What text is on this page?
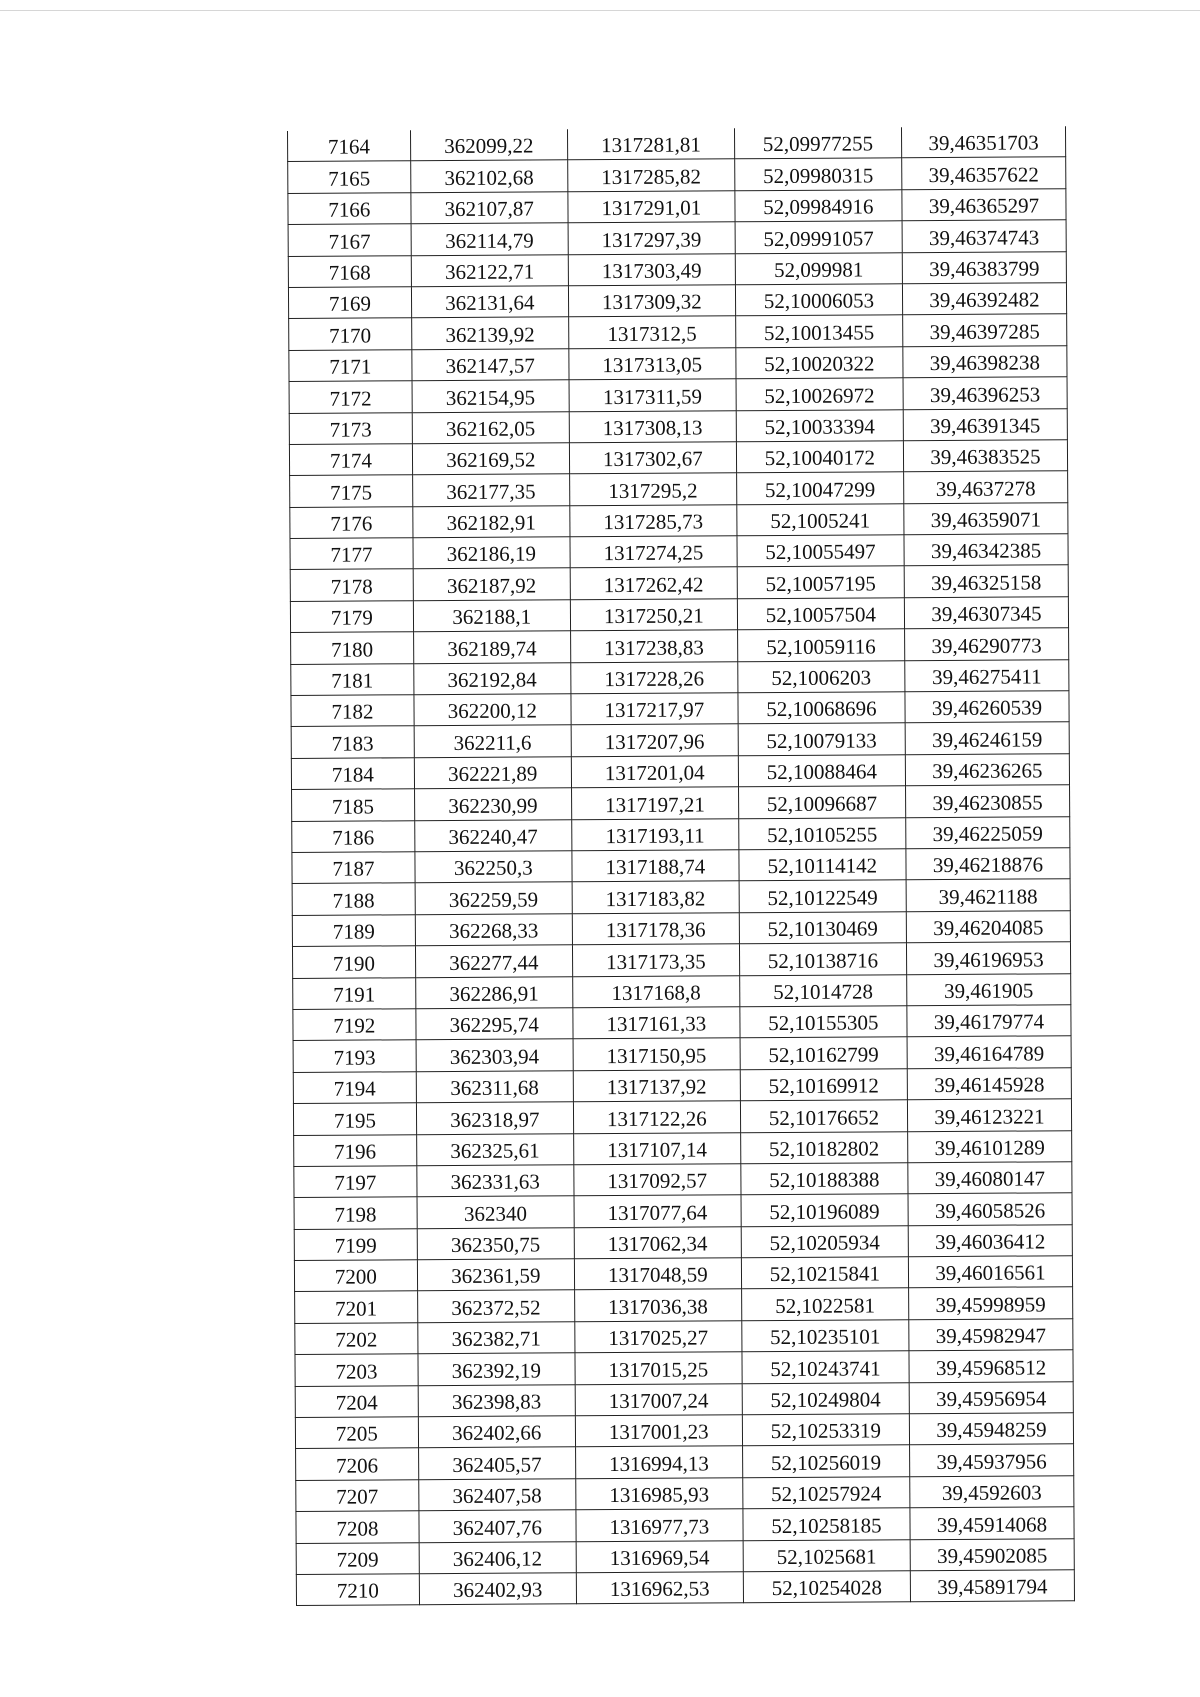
7164	362099,22	1317281,81	52,09977255	39,46351703
7165	362102,68	1317285,82	52,09980315	39,46357622
7166	362107,87	1317291,01	52,09984916	39,46365297
7167	362114,79	1317297,39	52,09991057	39,46374743
7168	362122,71	1317303,49	52,099981	39,46383799
7169	362131,64	1317309,32	52,10006053	39,46392482
7170	362139,92	1317312,5	52,10013455	39,46397285
7171	362147,57	1317313,05	52,10020322	39,46398238
7172	362154,95	1317311,59	52,10026972	39,46396253
7173	362162,05	1317308,13	52,10033394	39,46391345
7174	362169,52	1317302,67	52,10040172	39,46383525
7175	362177,35	1317295,2	52,10047299	39,4637278
7176	362182,91	1317285,73	52,1005241	39,46359071
7177	362186,19	1317274,25	52,10055497	39,46342385
7178	362187,92	1317262,42	52,10057195	39,46325158
7179	362188,1	1317250,21	52,10057504	39,46307345
7180	362189,74	1317238,83	52,10059116	39,46290773
7181	362192,84	1317228,26	52,1006203	39,46275411
7182	362200,12	1317217,97	52,10068696	39,46260539
7183	362211,6	1317207,96	52,10079133	39,46246159
7184	362221,89	1317201,04	52,10088464	39,46236265
7185	362230,99	1317197,21	52,10096687	39,46230855
7186	362240,47	1317193,11	52,10105255	39,46225059
7187	362250,3	1317188,74	52,10114142	39,46218876
7188	362259,59	1317183,82	52,10122549	39,4621188
7189	362268,33	1317178,36	52,10130469	39,46204085
7190	362277,44	1317173,35	52,10138716	39,46196953
7191	362286,91	1317168,8	52,1014728	39,461905
7192	362295,74	1317161,33	52,10155305	39,46179774
7193	362303,94	1317150,95	52,10162799	39,46164789
7194	362311,68	1317137,92	52,10169912	39,46145928
7195	362318,97	1317122,26	52,10176652	39,46123221
7196	362325,61	1317107,14	52,10182802	39,46101289
7197	362331,63	1317092,57	52,10188388	39,46080147
7198	362340	1317077,64	52,10196089	39,46058526
7199	362350,75	1317062,34	52,10205934	39,46036412
7200	362361,59	1317048,59	52,10215841	39,46016561
7201	362372,52	1317036,38	52,1022581	39,45998959
7202	362382,71	1317025,27	52,10235101	39,45982947
7203	362392,19	1317015,25	52,10243741	39,45968512
7204	362398,83	1317007,24	52,10249804	39,45956954
7205	362402,66	1317001,23	52,10253319	39,45948259
7206	362405,57	1316994,13	52,10256019	39,45937956
7207	362407,58	1316985,93	52,10257924	39,4592603
7208	362407,76	1316977,73	52,10258185	39,45914068
7209	362406,12	1316969,54	52,1025681	39,45902085
7210	362402,93	1316962,53	52,10254028	39,45891794
